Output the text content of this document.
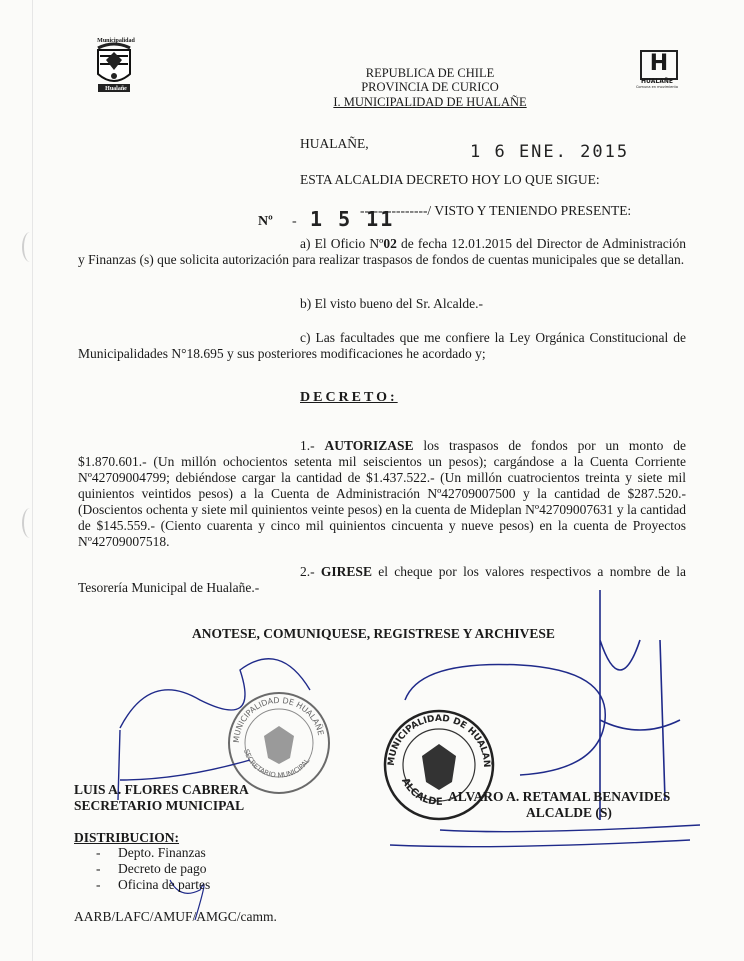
Municipalidad
Hualañe
H
HUALAÑE
Comuna en movimiento
REPUBLICA DE CHILE
PROVINCIA DE CURICO
I. MUNICIPALIDAD DE HUALAÑE
HUALAÑE,	1 6 ENE. 2015
ESTA ALCALDIA DECRETO HOY LO QUE SIGUE:
Nº - 1 5 11
---------------/ VISTO Y TENIENDO PRESENTE:
a) El Oficio Nº02 de fecha 12.01.2015 del Director de Administración y Finanzas (s) que solicita autorización para realizar traspasos de fondos de cuentas municipales que se detallan.
b) El visto bueno del Sr. Alcalde.-
c) Las facultades que me confiere la Ley Orgánica Constitucional de Municipalidades N°18.695 y sus posteriores modificaciones he acordado y;
DECRETO:
1.- AUTORIZASE los traspasos de fondos por un monto de $1.870.601.- (Un millón ochocientos setenta mil seiscientos un pesos); cargándose a la Cuenta Corriente Nº42709004799; debiéndose cargar la cantidad de $1.437.522.- (Un millón cuatrocientos treinta y siete mil quinientos veintidos pesos) a la Cuenta de Administración Nº42709007500 y la cantidad de $287.520.- (Doscientos ochenta y siete mil quinientos veinte pesos) en la cuenta de Mideplan Nº42709007631 y la cantidad de $145.559.- (Ciento cuarenta y cinco mil quinientos cincuenta y nueve pesos) en la cuenta de Proyectos Nº42709007518.
2.- GIRESE el cheque por los valores respectivos a nombre de la Tesorería Municipal de Hualañe.-
ANOTESE, COMUNIQUESE, REGISTRESE Y ARCHIVESE
MUNICIPALIDAD DE HUALAÑE
SECRETARIO MUNICIPAL	MUNICIPALIDAD DE HUALAÑ
ALCALDE
LUIS A. FLORES CABRERA
SECRETARIO MUNICIPAL
ALVARO A. RETAMAL BENAVIDES
ALCALDE (S)
DISTRIBUCION:
- Depto. Finanzas
- Decreto de pago
- Oficina de partes
AARB/LAFC/AMUF/AMGC/camm.
